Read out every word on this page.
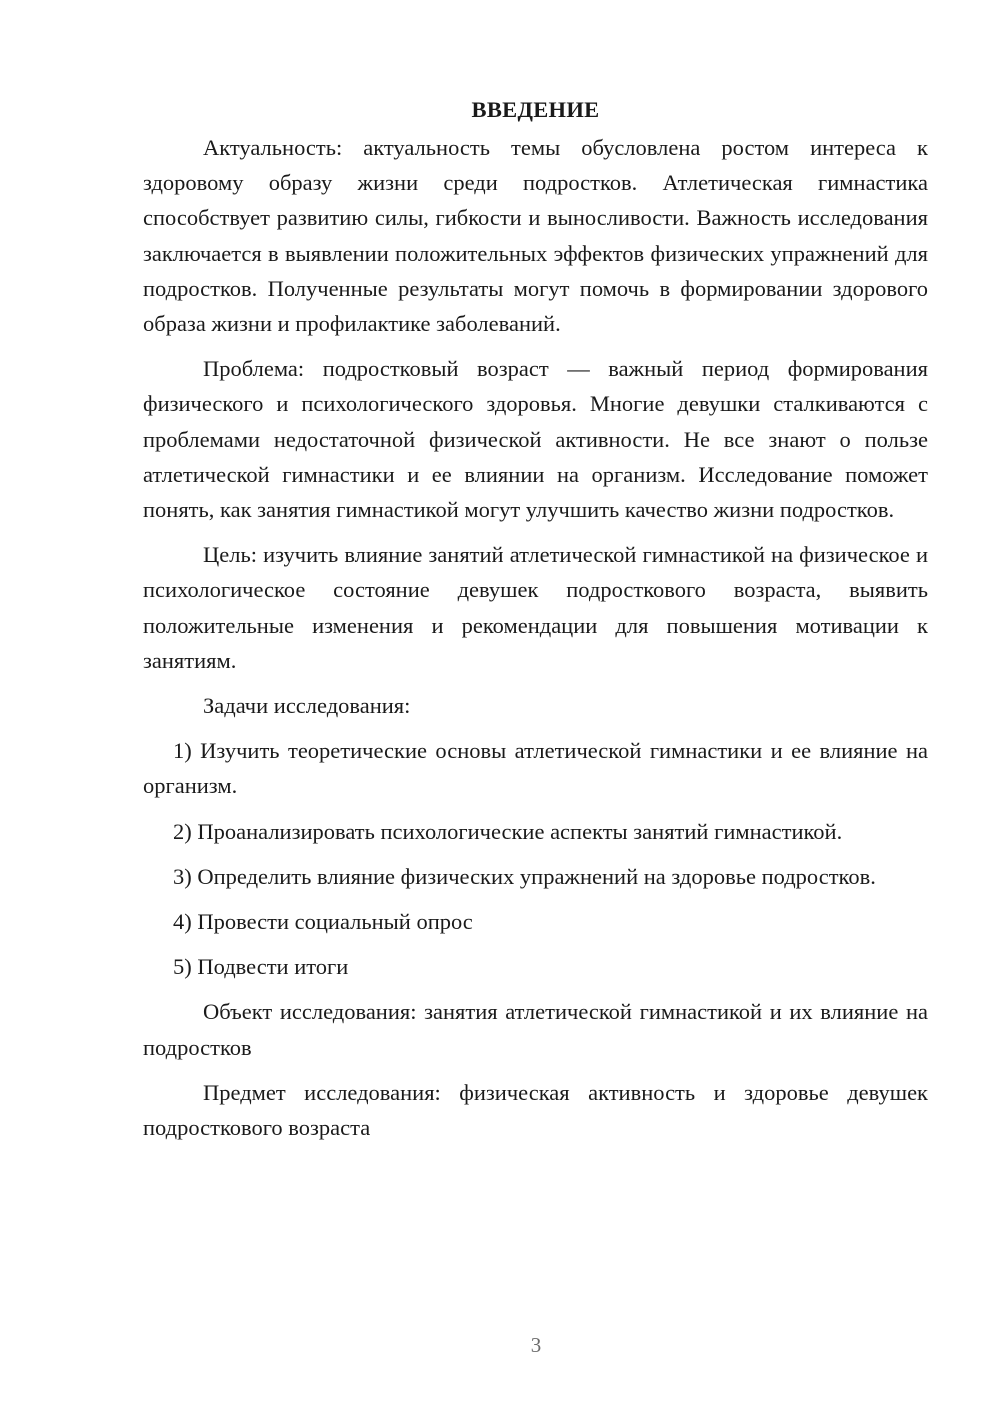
ВВЕДЕНИЕ

Актуальность: актуальность темы обусловлена ростом интереса к здоровому образу жизни среди подростков. Атлетическая гимнастика способствует развитию силы, гибкости и выносливости. Важность исследования заключается в выявлении положительных эффектов физических упражнений для подростков. Полученные результаты могут помочь в формировании здорового образа жизни и профилактике заболеваний.

Проблема: подростковый возраст — важный период формирования физического и психологического здоровья. Многие девушки сталкиваются с проблемами недостаточной физической активности. Не все знают о пользе атлетической гимнастики и ее влиянии на организм. Исследование поможет понять, как занятия гимнастикой могут улучшить качество жизни подростков.

Цель: изучить влияние занятий атлетической гимнастикой на физическое и психологическое состояние девушек подросткового возраста, выявить положительные изменения и рекомендации для повышения мотивации к занятиям.

Задачи исследования:

1) Изучить теоретические основы атлетической гимнастики и ее влияние на организм.

2) Проанализировать психологические аспекты занятий гимнастикой.

3) Определить влияние физических упражнений на здоровье подростков.

4) Провести социальный опрос

5) Подвести итоги

Объект исследования: занятия атлетической гимнастикой и их влияние на подростков

Предмет исследования: физическая активность и здоровье девушек подросткового возраста

3
